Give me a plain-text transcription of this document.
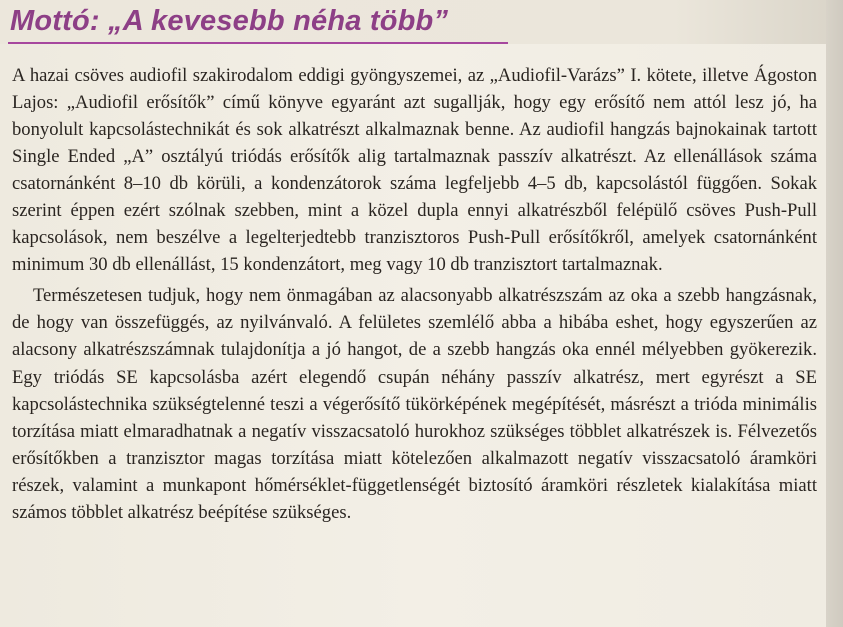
Mottó: „A kevesebb néha több”

A hazai csöves audiofil szakirodalom eddigi gyöngyszemei, az „Audiofil-Varázs” I. kötete, illetve Ágoston Lajos: „Audiofil erősítők” című könyve egyaránt azt sugallják, hogy egy erősítő nem attól lesz jó, ha bonyolult kapcsolástechnikát és sok alkatrészt alkalmaznak benne. Az audiofil hangzás bajnokainak tartott Single Ended „A” osztályú triódás erősítők alig tartalmaznak passzív alkatrészt. Az ellenállások száma csatornánként 8–10 db körüli, a kondenzátorok száma legfeljebb 4–5 db, kapcsolástól függően. Sokak szerint éppen ezért szólnak szebben, mint a közel dupla ennyi alkatrészből felépülő csöves Push-Pull kapcsolások, nem beszélve a legelterjedtebb tranzisztoros Push-Pull erősítőkről, amelyek csatornánként minimum 30 db ellenállást, 15 kondenzátort, meg vagy 10 db tranzisztort tartalmaznak.

Természetesen tudjuk, hogy nem önmagában az alacsonyabb alkatrészszám az oka a szebb hangzásnak, de hogy van összefüggés, az nyilvánvaló. A felületes szemlélő abba a hibába eshet, hogy egyszerűen az alacsony alkatrészszámnak tulajdonítja a jó hangot, de a szebb hangzás oka ennél mélyebben gyökerezik. Egy triódás SE kapcsolásba azért elegendő csupán néhány passzív alkatrész, mert egyrészt a SE kapcsolástechnika szükségtelenné teszi a végerősítő tükörképének megépítését, másrészt a trióda minimális torzítása miatt elmaradhatnak a negatív visszacsatoló hurokhoz szükséges többlet alkatrészek is. Félvezetős erősítőkben a tranzisztor magas torzítása miatt kötelezően alkalmazott negatív visszacsatoló áramköri részek, valamint a munkapont hőmérséklet-függetlenségét biztosító áramköri részletek kialakítása miatt számos többlet alkatrész beépítése szükséges.
